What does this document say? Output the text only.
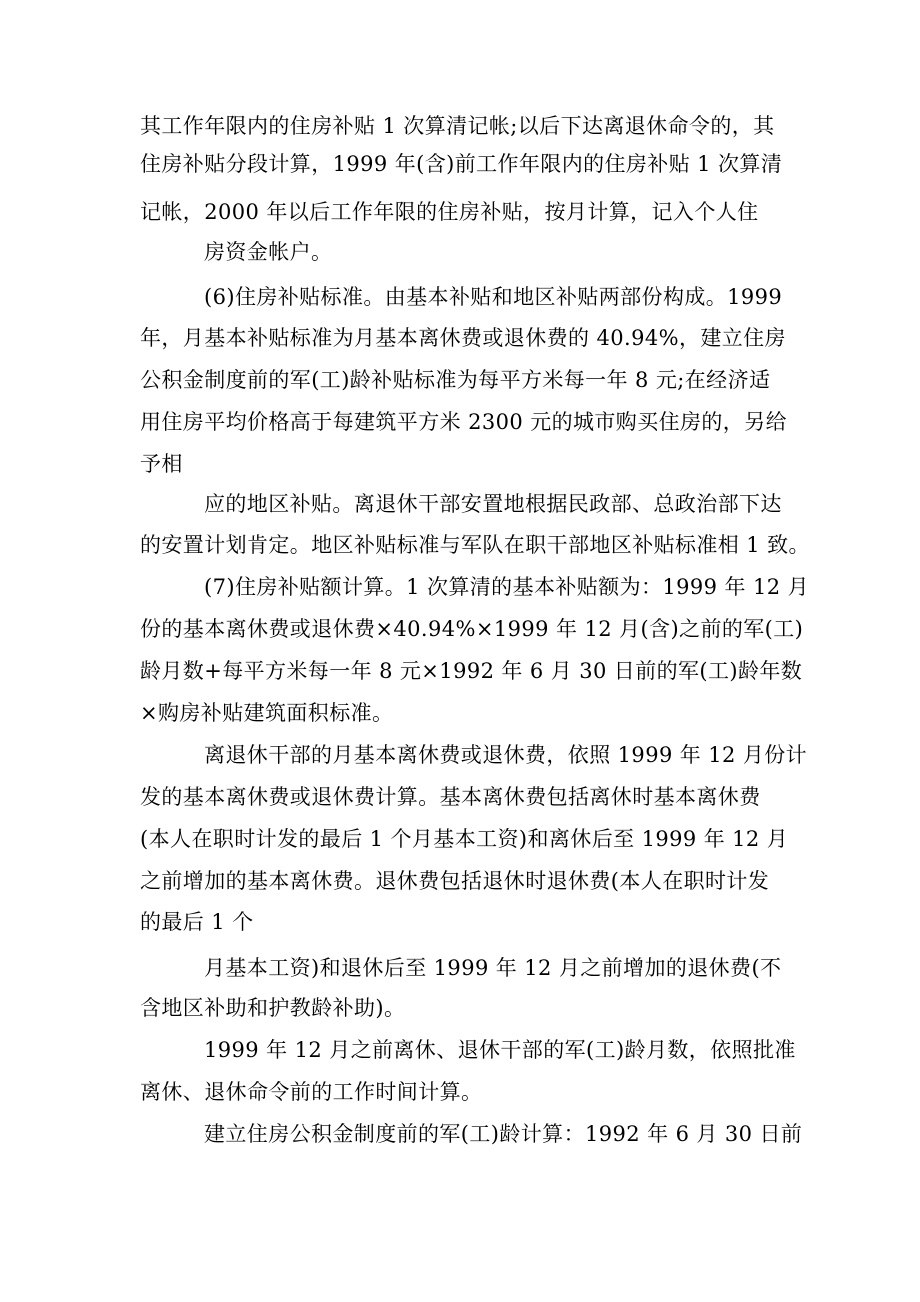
其工作年限内的住房补贴 1 次算清记帐;以后下达离退休命令的，其
住房补贴分段计算，1999 年(含)前工作年限内的住房补贴 1 次算清
记帐，2000 年以后工作年限的住房补贴，按月计算，记入个人住
房资金帐户。
(6)住房补贴标准。由基本补贴和地区补贴两部份构成。1999
年，月基本补贴标准为月基本离休费或退休费的 40.94%，建立住房
公积金制度前的军(工)龄补贴标准为每平方米每一年 8 元;在经济适
用住房平均价格高于每建筑平方米 2300 元的城市购买住房的，另给
予相
应的地区补贴。离退休干部安置地根据民政部、总政治部下达
的安置计划肯定。地区补贴标准与军队在职干部地区补贴标准相 1 致。
(7)住房补贴额计算。1 次算清的基本补贴额为：1999 年 12 月
份的基本离休费或退休费×40.94%×1999 年 12 月(含)之前的军(工)
龄月数+每平方米每一年 8 元×1992 年 6 月 30 日前的军(工)龄年数
×购房补贴建筑面积标准。
离退休干部的月基本离休费或退休费，依照 1999 年 12 月份计
发的基本离休费或退休费计算。基本离休费包括离休时基本离休费
(本人在职时计发的最后 1 个月基本工资)和离休后至 1999 年 12 月
之前增加的基本离休费。退休费包括退休时退休费(本人在职时计发
的最后 1 个
月基本工资)和退休后至 1999 年 12 月之前增加的退休费(不
含地区补助和护教龄补助)。
1999 年 12 月之前离休、退休干部的军(工)龄月数，依照批准
离休、退休命令前的工作时间计算。
建立住房公积金制度前的军(工)龄计算：1992 年 6 月 30 日前
